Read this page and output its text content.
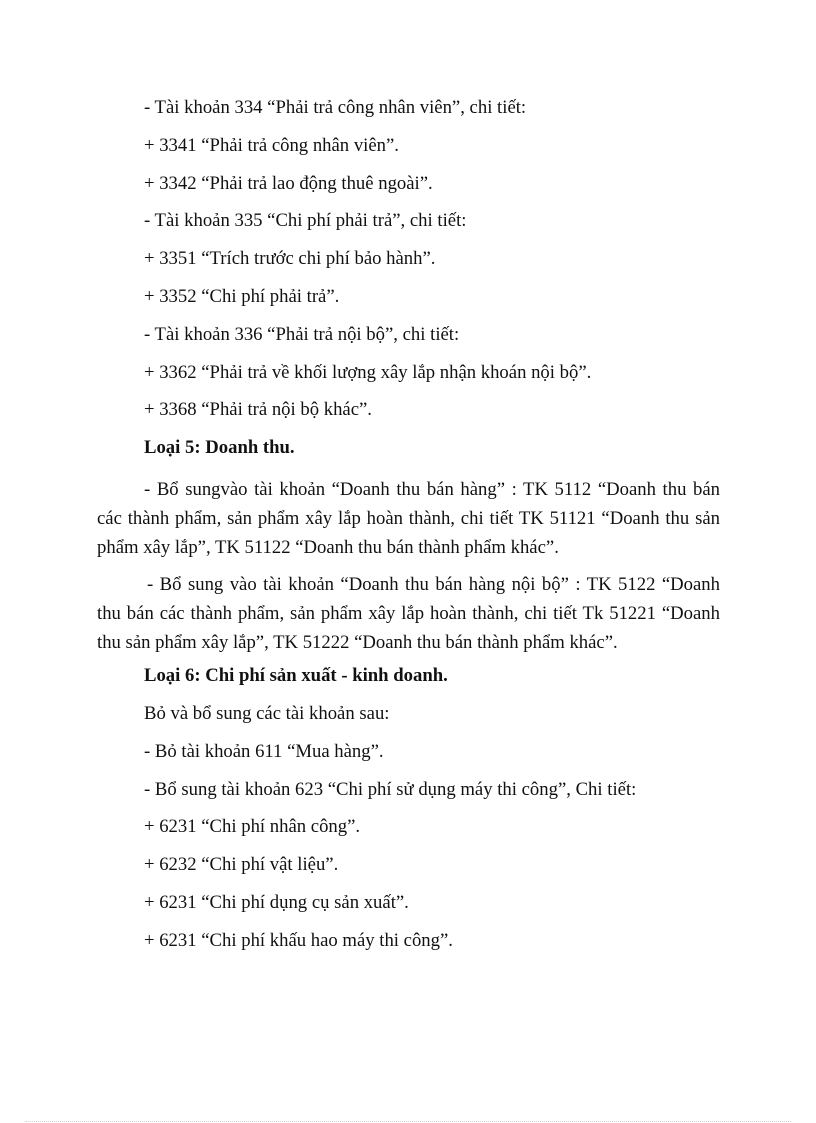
- Tài khoản 334 “Phải trả công nhân viên”, chi tiết:

+ 3341 “Phải trả công nhân viên”.

+ 3342 “Phải trả lao động thuê ngoài”.

- Tài khoản 335 “Chi phí phải trả”, chi tiết:

+ 3351 “Trích trước chi phí bảo hành”.

+ 3352 “Chi phí phải trả”.

- Tài khoản 336 “Phải trả nội bộ”, chi tiết:

+ 3362 “Phải trả về khối lượng xây lắp nhận khoán nội bộ”.

+ 3368 “Phải trả nội bộ khác”.

Loại 5: Doanh thu.

- Bổ sungvào tài khoản “Doanh thu bán hàng” : TK 5112 “Doanh thu bán các thành phẩm, sản phẩm xây lắp hoàn thành, chi tiết TK 51121 “Doanh thu sản phẩm xây lắp”, TK 51122 “Doanh thu bán thành phẩm khác”.

- Bổ sung vào tài khoản “Doanh thu bán hàng nội bộ” : TK 5122 “Doanh thu bán các thành phẩm, sản phẩm xây lắp hoàn thành, chi tiết Tk 51221 “Doanh thu sản phẩm xây lắp”, TK 51222 “Doanh thu bán thành phẩm khác”.

Loại 6: Chi phí sản xuất - kinh doanh.

Bỏ và bổ sung các tài khoản sau:

- Bỏ tài khoản 611 “Mua hàng”.

- Bổ sung tài khoản 623 “Chi phí sử dụng máy thi công”, Chi tiết:

+ 6231 “Chi phí nhân công”.

+ 6232 “Chi phí vật liệu”.

+ 6231 “Chi phí dụng cụ sản xuất”.

+ 6231 “Chi phí khấu hao máy thi công”.
